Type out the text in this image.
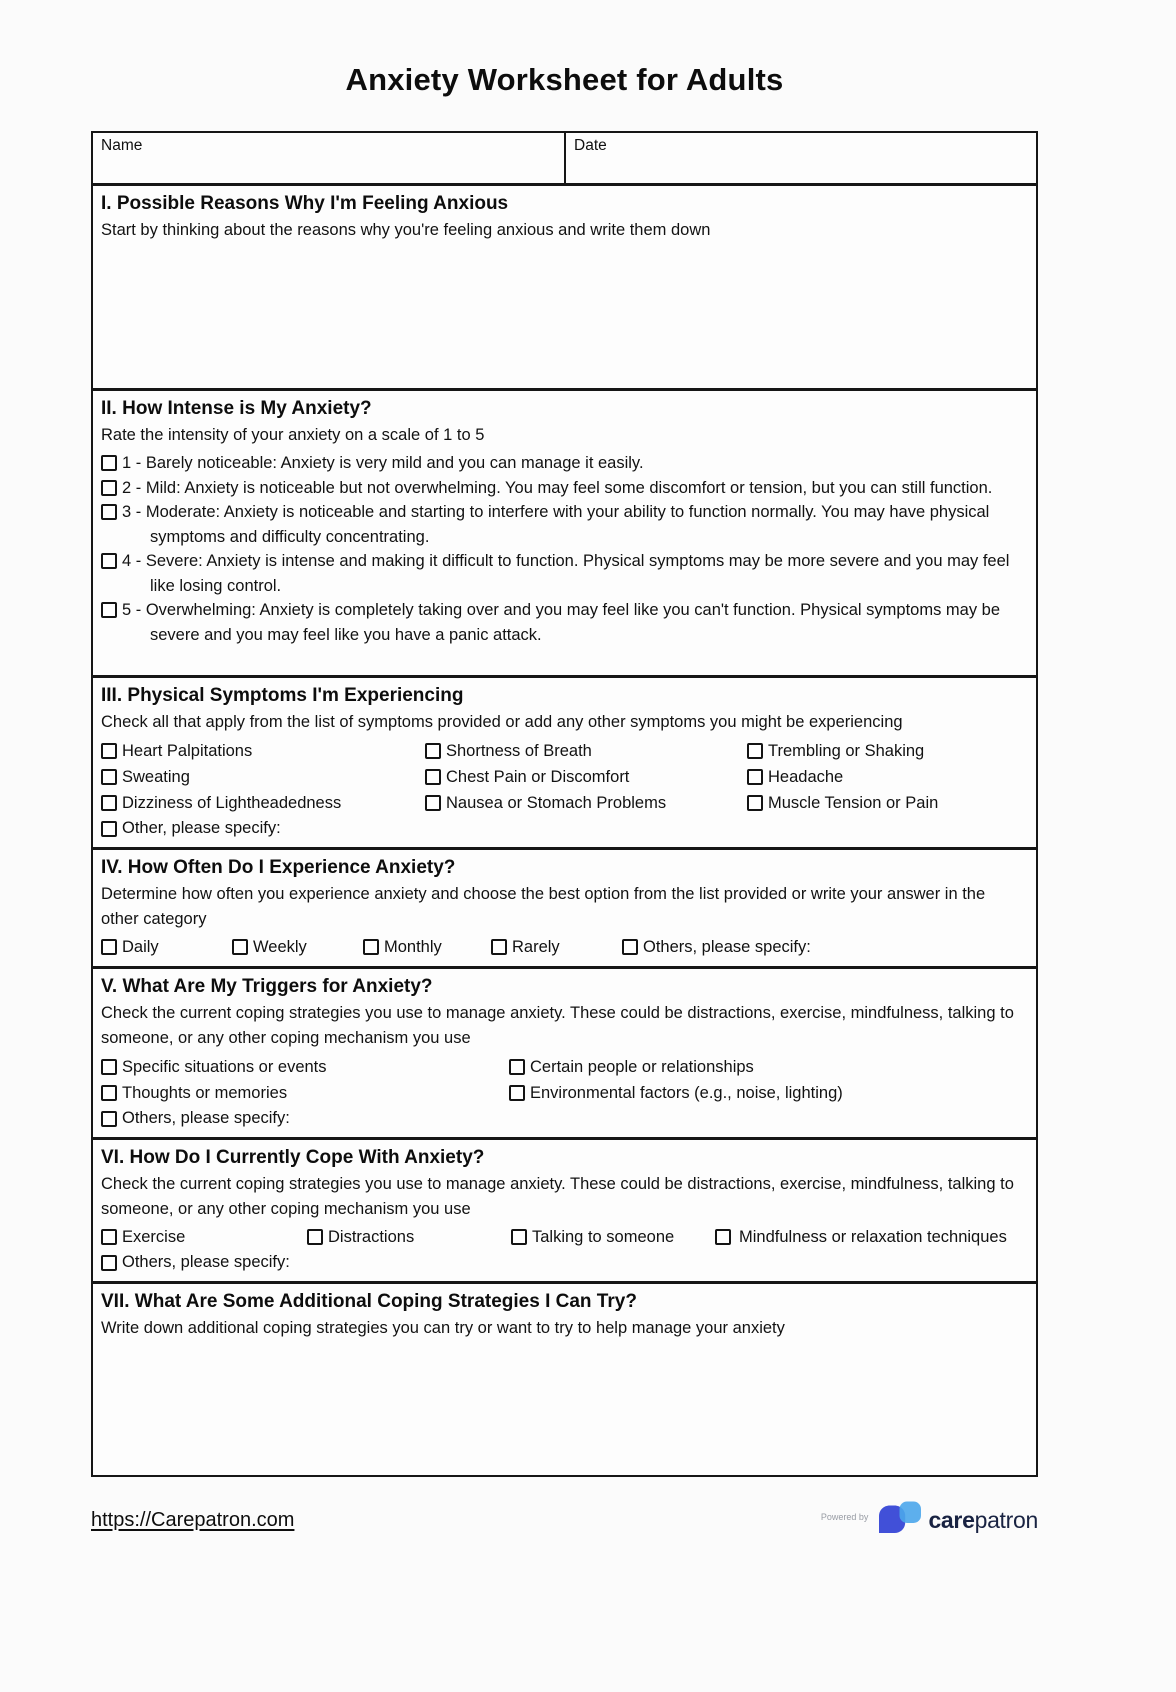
Anxiety Worksheet for Adults
Name	Date
I. Possible Reasons Why I'm Feeling Anxious
Start by thinking about the reasons why you're feeling anxious and write them down
II. How Intense is My Anxiety?
Rate the intensity of your anxiety on a scale of 1 to 5
1 - Barely noticeable: Anxiety is very mild and you can manage it easily.
2 - Mild: Anxiety is noticeable but not overwhelming. You may feel some discomfort or tension, but you can still function.
3 - Moderate: Anxiety is noticeable and starting to interfere with your ability to function normally. You may have physical symptoms and difficulty concentrating.
4 - Severe: Anxiety is intense and making it difficult to function. Physical symptoms may be more severe and you may feel like losing control.
5 - Overwhelming: Anxiety is completely taking over and you may feel like you can't function. Physical symptoms may be severe and you may feel like you have a panic attack.
III. Physical Symptoms I'm Experiencing
Check all that apply from the list of symptoms provided or add any other symptoms you might be experiencing
Heart Palpitations	Shortness of Breath	Trembling or Shaking
Sweating	Chest Pain or Discomfort	Headache
Dizziness of Lightheadedness	Nausea or Stomach Problems	Muscle Tension or Pain
Other, please specify:
IV. How Often Do I Experience Anxiety?
Determine how often you experience anxiety and choose the best option from the list provided or write your answer in the other category
Daily	Weekly	Monthly	Rarely	Others, please specify:
V. What Are My Triggers for Anxiety?
Check the current coping strategies you use to manage anxiety. These could be distractions, exercise, mindfulness, talking to someone, or any other coping mechanism you use
Specific situations or events	Certain people or relationships
Thoughts or memories	Environmental factors (e.g., noise, lighting)
Others, please specify:
VI. How Do I Currently Cope With Anxiety?
Check the current coping strategies you use to manage anxiety. These could be distractions, exercise, mindfulness, talking to someone, or any other coping mechanism you use
Exercise	Distractions	Talking to someone	Mindfulness or relaxation techniques
Others, please specify:
VII. What Are Some Additional Coping Strategies I Can Try?
Write down additional coping strategies you can try or want to try to help manage your anxiety
https://Carepatron.com	Powered by	carepatron
